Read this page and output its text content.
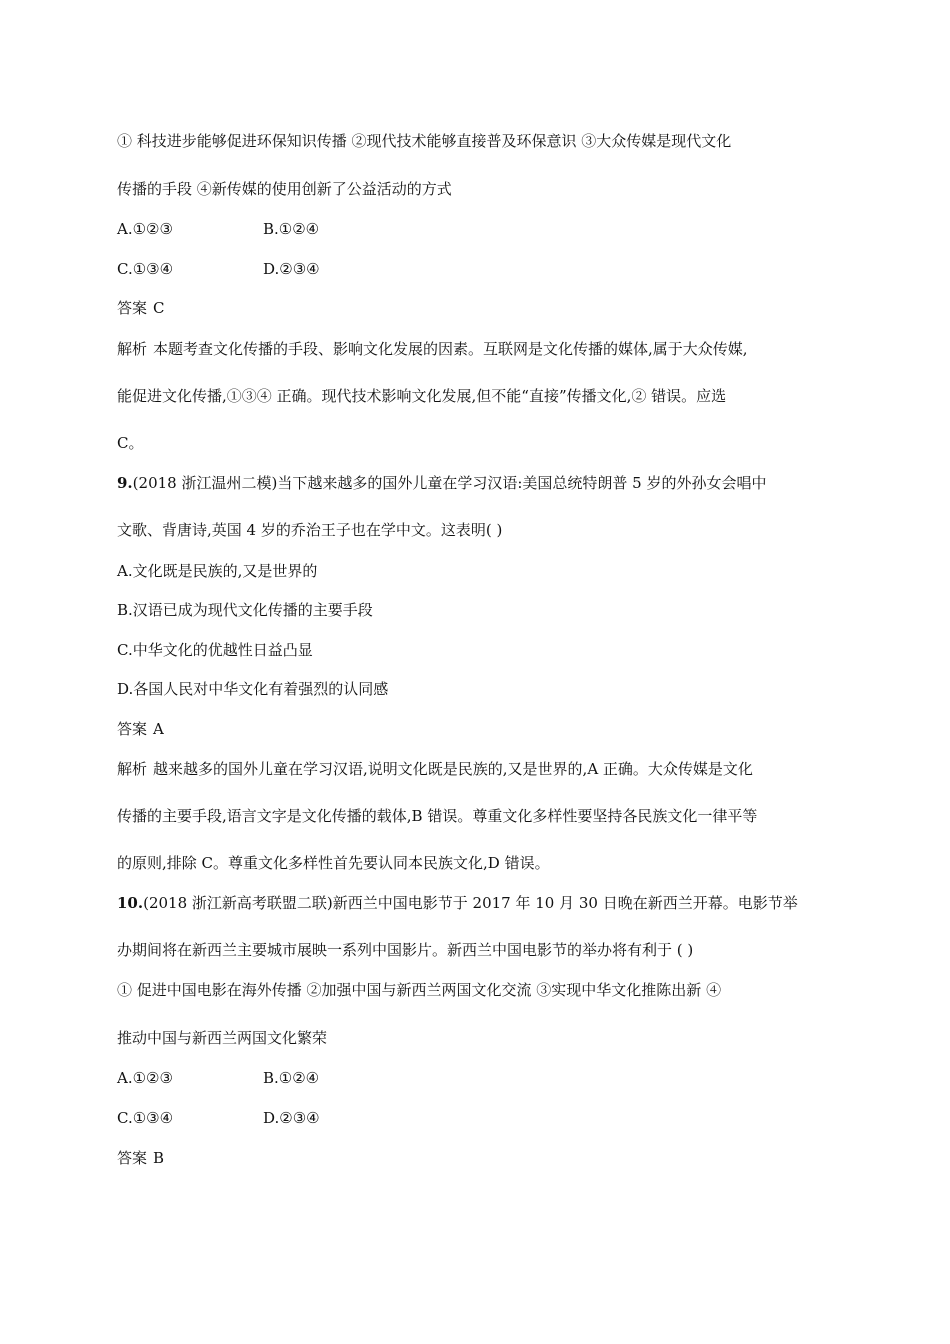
① 科技进步能够促进环保知识传播 ②现代技术能够直接普及环保意识 ③大众传媒是现代文化
传播的手段 ④新传媒的使用创新了公益活动的方式
A.①②③	B.①②④
C.①③④	D.②③④
答案 C
解析 本题考查文化传播的手段、影响文化发展的因素。互联网是文化传播的媒体,属于大众传媒,
能促进文化传播,①③④ 正确。现代技术影响文化发展,但不能“直接”传播文化,② 错误。应选
C。
9.(2018 浙江温州二模)当下越来越多的国外儿童在学习汉语:美国总统特朗普 5 岁的外孙女会唱中
文歌、背唐诗,英国 4 岁的乔治王子也在学中文。这表明( )
A.文化既是民族的,又是世界的
B.汉语已成为现代文化传播的主要手段
C.中华文化的优越性日益凸显
D.各国人民对中华文化有着强烈的认同感
答案 A
解析 越来越多的国外儿童在学习汉语,说明文化既是民族的,又是世界的,A 正确。大众传媒是文化
传播的主要手段,语言文字是文化传播的载体,B 错误。尊重文化多样性要坚持各民族文化一律平等
的原则,排除 C。尊重文化多样性首先要认同本民族文化,D 错误。
10.(2018 浙江新高考联盟二联)新西兰中国电影节于 2017 年 10 月 30 日晚在新西兰开幕。电影节举
办期间将在新西兰主要城市展映一系列中国影片。新西兰中国电影节的举办将有利于 ( )
① 促进中国电影在海外传播 ②加强中国与新西兰两国文化交流 ③实现中华文化推陈出新 ④
推动中国与新西兰两国文化繁荣
A.①②③	B.①②④
C.①③④	D.②③④
答案 B
